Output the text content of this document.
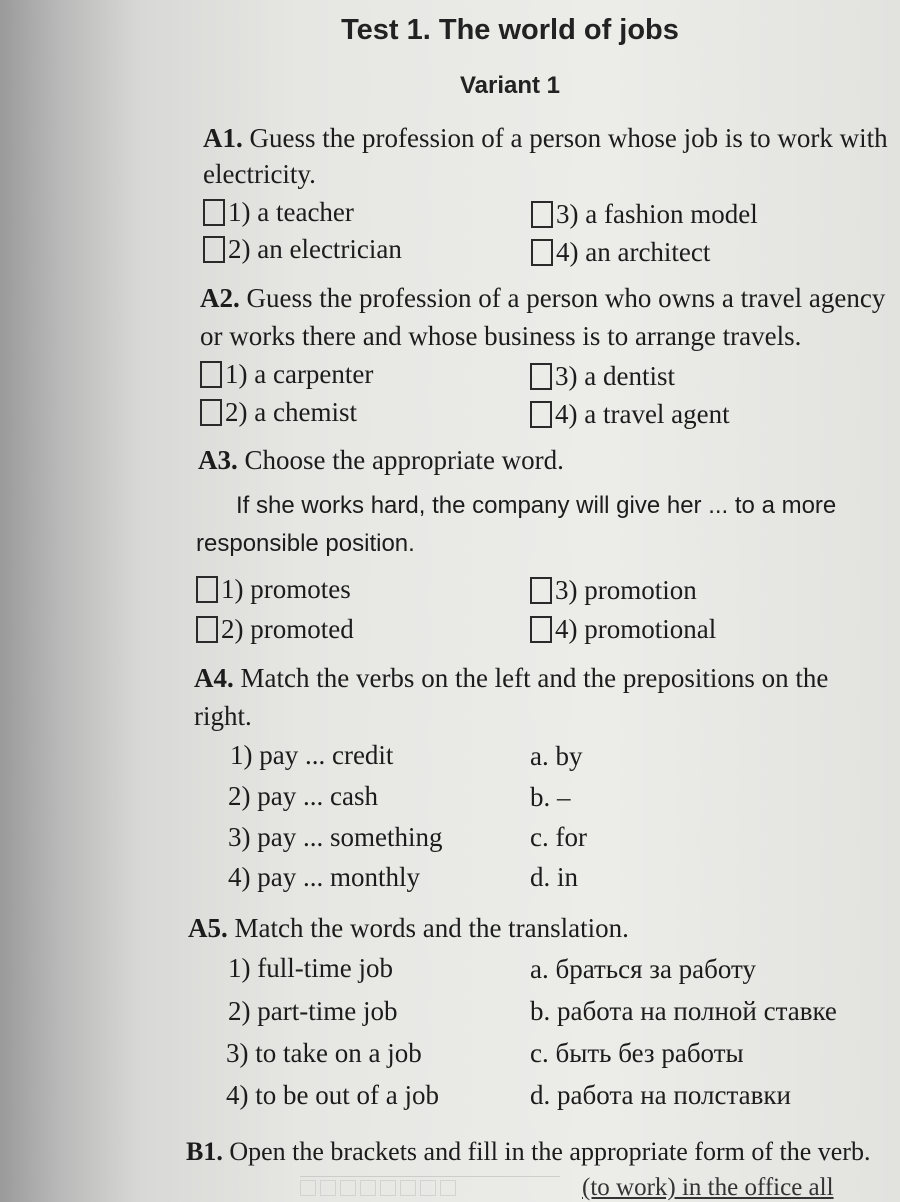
Test 1. The world of jobs
Variant 1
A1. Guess the profession of a person whose job is to work with
electricity.
1) a teacher
2) an electrician
3) a fashion model
4) an architect
A2. Guess the profession of a person who owns a travel agency
or works there and whose business is to arrange travels.
1) a carpenter
2) a chemist
3) a dentist
4) a travel agent
A3. Choose the appropriate word.
If she works hard, the company will give her ... to a more
responsible position.
1) promotes
2) promoted
3) promotion
4) promotional
A4. Match the verbs on the left and the prepositions on the
right.
1) pay ... credit
2) pay ... cash
3) pay ... something
4) pay ... monthly
a. by
b. –
c. for
d. in
A5. Match the words and the translation.
1) full-time job
2) part-time job
3) to take on a job
4) to be out of a job
a. браться за работу
b. работа на полной ставке
c. быть без работы
d. работа на полставки
B1. Open the brackets and fill in the appropriate form of the verb.
(to work) in the office all
